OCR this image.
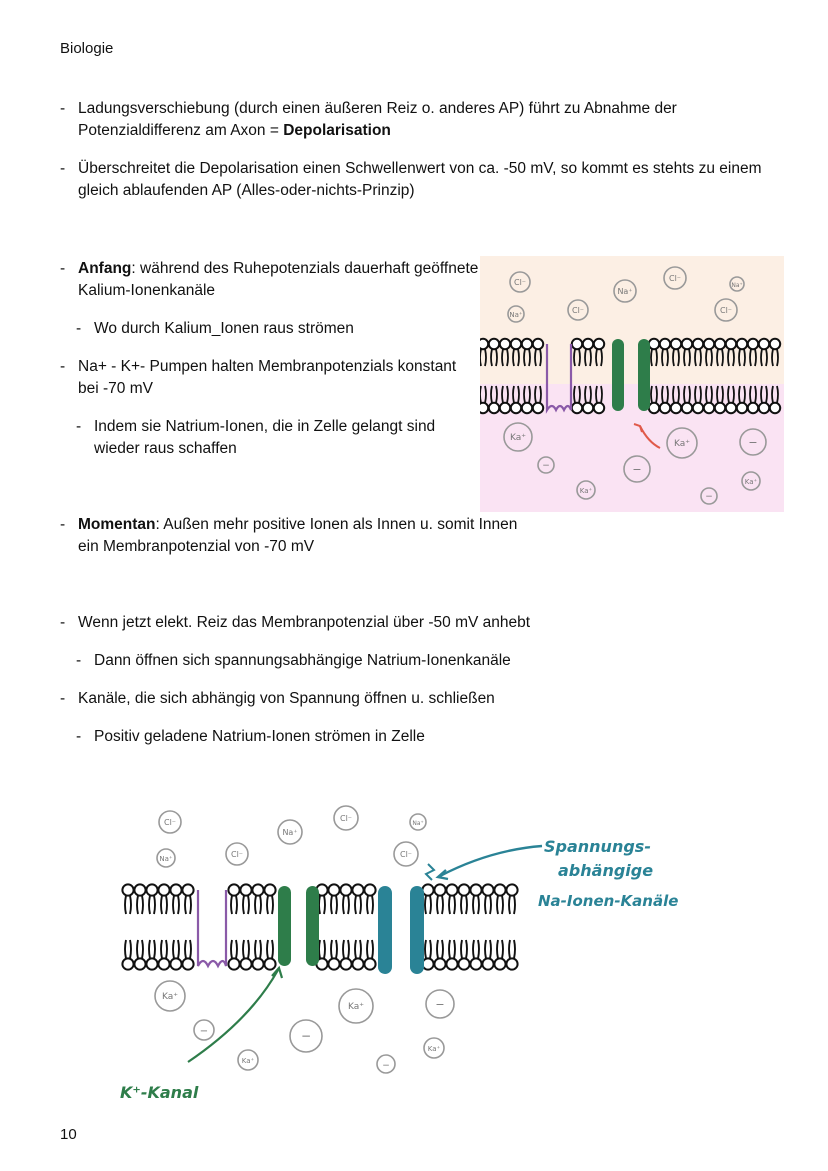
Biologie
- Ladungsverschiebung (durch einen äußeren Reiz o. anderes AP) führt zu Abnahme der Potenzialdifferenz am Axon = Depolarisation
- Überschreitet die Depolarisation einen Schwellenwert von ca. -50 mV, so kommt es stehts zu einem gleich ablaufenden AP (Alles-oder-nichts-Prinzip)
- Anfang: während des Ruhepotenzials dauerhaft geöffnete Kalium-Ionenkanäle
- Wo durch Kalium_Ionen raus strömen
- Na+ - K+- Pumpen halten Membranpotenzials konstant bei -70 mV
- Indem sie Natrium-Ionen, die in Zelle gelangt sind wieder raus schaffen
- Momentan: Außen mehr positive Ionen als Innen u. somit Innen ein Membranpotenzial von -70 mV
- Wenn jetzt elekt. Reiz das Membranpotenzial über -50 mV anhebt
- Dann öffnen sich spannungsabhängige Natrium-Ionenkanäle
- Kanäle, die sich abhängig von Spannung öffnen u. schließen
- Positiv geladene Natrium-Ionen strömen in Zelle
Cl⁻
Na⁺
Cl⁻
Na⁺
Na⁺	Cl⁻	Cl⁻
Ka⁺
Ka⁺	−
−	−
Ka⁺
−
Ka⁺
Cl⁻
Na⁺
Cl⁻
Na⁺
Na⁺	Cl⁻	Cl⁻
Ka⁺
Ka⁺	−
−	−
Ka⁺	−
Ka⁺
Spannungs-
abhängige
Na-Ionen-Kanäle
K⁺-Kanal
10
